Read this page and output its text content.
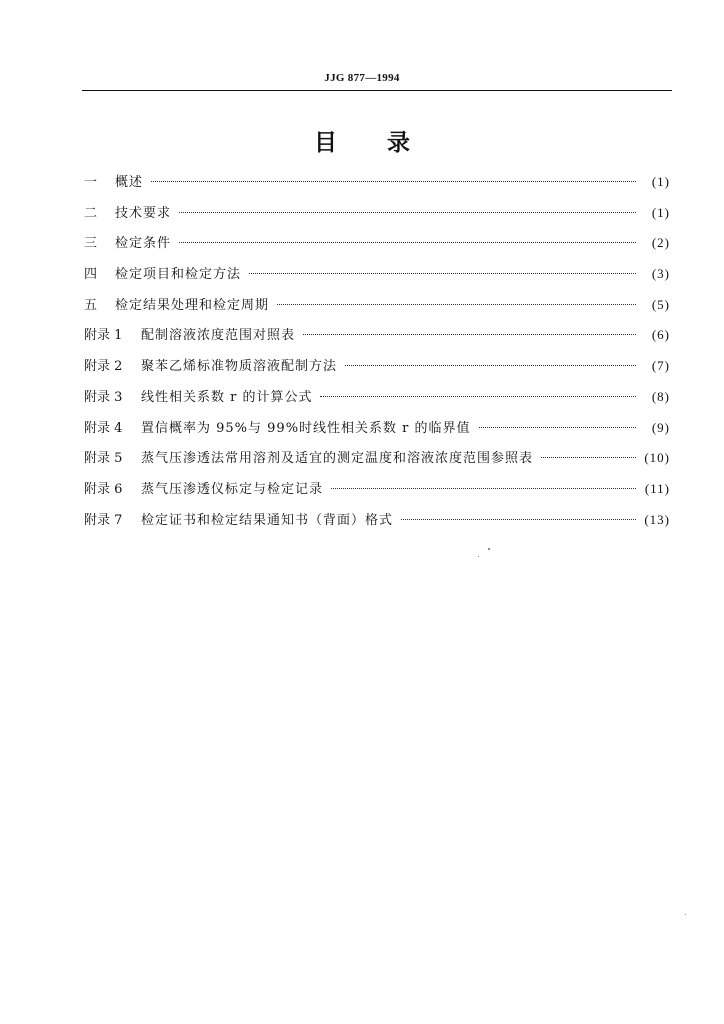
JJG 877—1994
目录
一	概述	(1)
二	技术要求	(1)
三	检定条件	(2)
四	检定项目和检定方法	(3)
五	检定结果处理和检定周期	(5)
附录 1	配制溶液浓度范围对照表	(6)
附录 2	聚苯乙烯标准物质溶液配制方法	(7)
附录 3	线性相关系数 r 的计算公式	(8)
附录 4	置信概率为 95%与 99%时线性相关系数 r 的临界值	(9)
附录 5	蒸气压渗透法常用溶剂及适宜的测定温度和溶液浓度范围参照表	(10)
附录 6	蒸气压渗透仪标定与检定记录	(11)
附录 7	检定证书和检定结果通知书（背面）格式	(13)
